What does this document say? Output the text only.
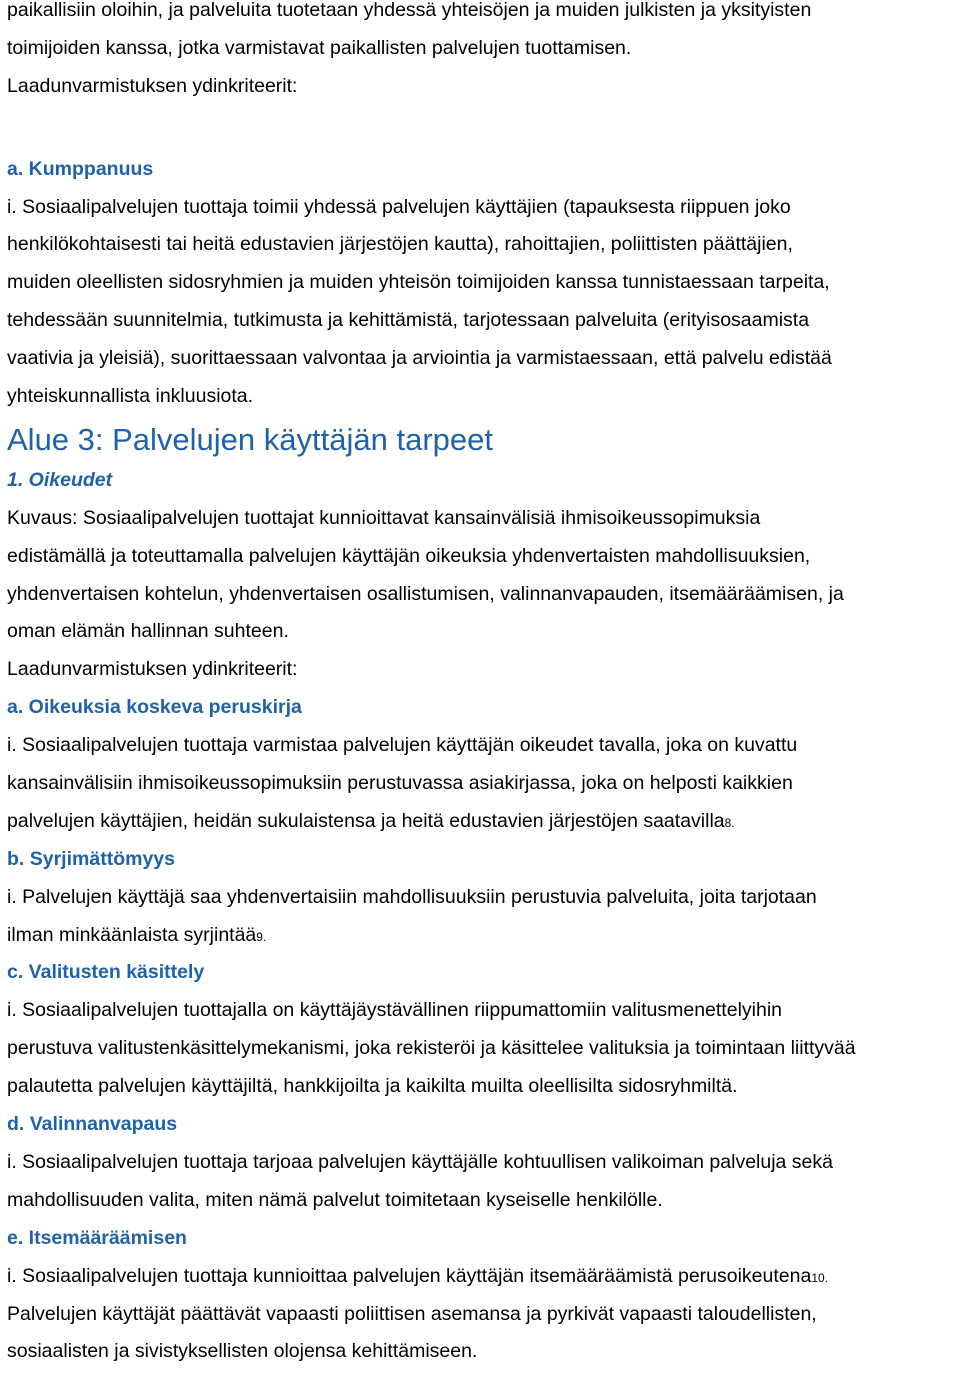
paikallisiin oloihin, ja palveluita tuotetaan yhdessä yhteisöjen ja muiden julkisten ja yksityisten
toimijoiden kanssa, jotka varmistavat paikallisten palvelujen tuottamisen.
Laadunvarmistuksen ydinkriteerit:
a. Kumppanuus
i. Sosiaalipalvelujen tuottaja toimii yhdessä palvelujen käyttäjien (tapauksesta riippuen joko
henkilökohtaisesti tai heitä edustavien järjestöjen kautta), rahoittajien, poliittisten päättäjien,
muiden oleellisten sidosryhmien ja muiden yhteisön toimijoiden kanssa tunnistaessaan tarpeita,
tehdessään suunnitelmia, tutkimusta ja kehittämistä, tarjotessaan palveluita (erityisosaamista
vaativia ja yleisiä), suorittaessaan valvontaa ja arviointia ja varmistaessaan, että palvelu edistää
yhteiskunnallista inkluusiota.
Alue 3: Palvelujen käyttäjän tarpeet
1. Oikeudet
Kuvaus: Sosiaalipalvelujen tuottajat kunnioittavat kansainvälisiä ihmisoikeussopimuksia
edistämällä ja toteuttamalla palvelujen käyttäjän oikeuksia yhdenvertaisten mahdollisuuksien,
yhdenvertaisen kohtelun, yhdenvertaisen osallistumisen, valinnanvapauden, itsemääräämisen, ja
oman elämän hallinnan suhteen.
Laadunvarmistuksen ydinkriteerit:
a. Oikeuksia koskeva peruskirja
i. Sosiaalipalvelujen tuottaja varmistaa palvelujen käyttäjän oikeudet tavalla, joka on kuvattu
kansainvälisiin ihmisoikeussopimuksiin perustuvassa asiakirjassa, joka on helposti kaikkien
palvelujen käyttäjien, heidän sukulaistensa ja heitä edustavien järjestöjen saatavilla8.
b. Syrjimättömyys
i. Palvelujen käyttäjä saa yhdenvertaisiin mahdollisuuksiin perustuvia palveluita, joita tarjotaan
ilman minkäänlaista syrjintää9.
c. Valitusten käsittely
i. Sosiaalipalvelujen tuottajalla on käyttäjäystävällinen riippumattomiin valitusmenettelyihin
perustuva valitustenkäsittelymekanismi, joka rekisteröi ja käsittelee valituksia ja toimintaan liittyvää
palautetta palvelujen käyttäjiltä, hankkijoilta ja kaikilta muilta oleellisilta sidosryhmiltä.
d. Valinnanvapaus
i. Sosiaalipalvelujen tuottaja tarjoaa palvelujen käyttäjälle kohtuullisen valikoiman palveluja sekä
mahdollisuuden valita, miten nämä palvelut toimitetaan kyseiselle henkilölle.
e. Itsemääräämisen
i. Sosiaalipalvelujen tuottaja kunnioittaa palvelujen käyttäjän itsemääräämistä perusoikeutena10.
Palvelujen käyttäjät päättävät vapaasti poliittisen asemansa ja pyrkivät vapaasti taloudellisten,
sosiaalisten ja sivistyksellisten olojensa kehittämiseen.
